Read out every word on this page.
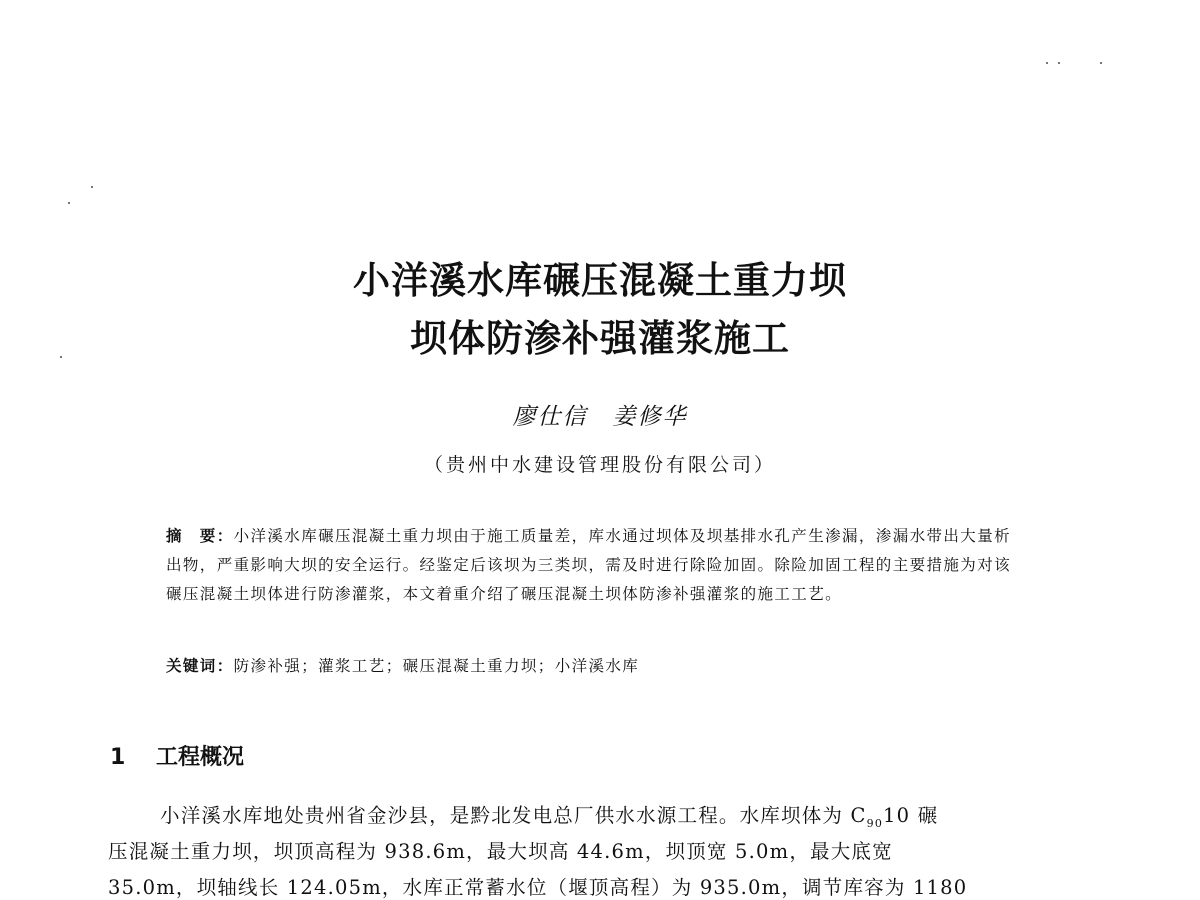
小洋溪水库碾压混凝土重力坝
坝体防渗补强灌浆施工
廖仕信　姜修华
（贵州中水建设管理股份有限公司）
摘　要：小洋溪水库碾压混凝土重力坝由于施工质量差，库水通过坝体及坝基排水孔产生渗漏，渗漏水带出大量析出物，严重影响大坝的安全运行。经鉴定后该坝为三类坝，需及时进行除险加固。除险加固工程的主要措施为对该碾压混凝土坝体进行防渗灌浆，本文着重介绍了碾压混凝土坝体防渗补强灌浆的施工工艺。
关键词：防渗补强；灌浆工艺；碾压混凝土重力坝；小洋溪水库
1 工程概况
小洋溪水库地处贵州省金沙县，是黔北发电总厂供水水源工程。水库坝体为 $C_{90}10$ 碾
压混凝土重力坝，坝顶高程为 938.6m，最大坝高 44.6m，坝顶宽 5.0m，最大底宽
35.0m，坝轴线长 124.05m，水库正常蓄水位（堰顶高程）为 935.0m，调节库容为 1180
